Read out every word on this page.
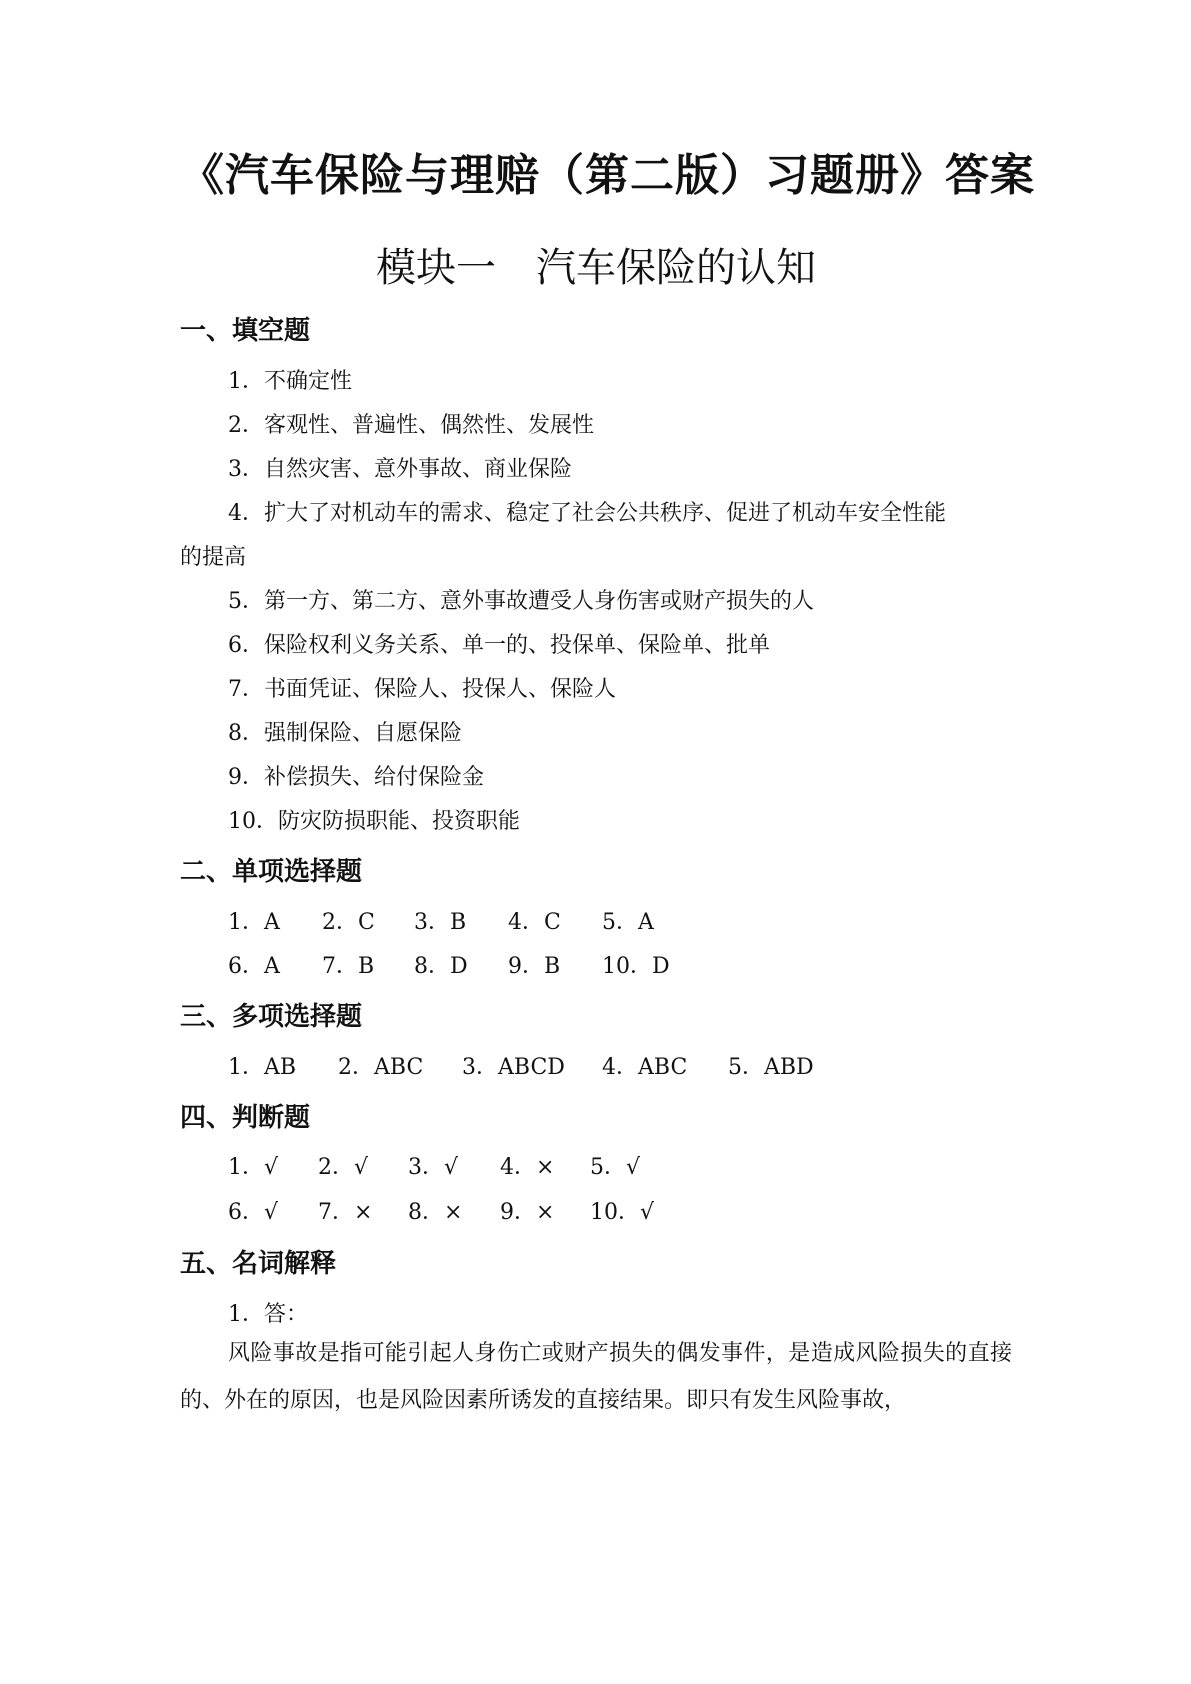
《汽车保险与理赔（第二版）习题册》答案
模块一　汽车保险的认知
一、填空题
1．不确定性
2．客观性、普遍性、偶然性、发展性
3．自然灾害、意外事故、商业保险
4．扩大了对机动车的需求、稳定了社会公共秩序、促进了机动车安全性能
的提高
5．第一方、第二方、意外事故遭受人身伤害或财产损失的人
6．保险权利义务关系、单一的、投保单、保险单、批单
7．书面凭证、保险人、投保人、保险人
8．强制保险、自愿保险
9．补偿损失、给付保险金
10．防灾防损职能、投资职能
二、单项选择题
1．A 2．C 3．B 4．C 5．A
6．A 7．B 8．D 9．B 10．D
三、多项选择题
1．AB 2．ABC 3．ABCD 4．ABC 5．ABD
四、判断题
1．√ 2．√ 3．√ 4．× 5．√
6．√ 7．× 8．× 9．× 10．√
五、名词解释
1．答：
风险事故是指可能引起人身伤亡或财产损失的偶发事件，是造成风险损失的直接的、外在的原因，也是风险因素所诱发的直接结果。即只有发生风险事故，
